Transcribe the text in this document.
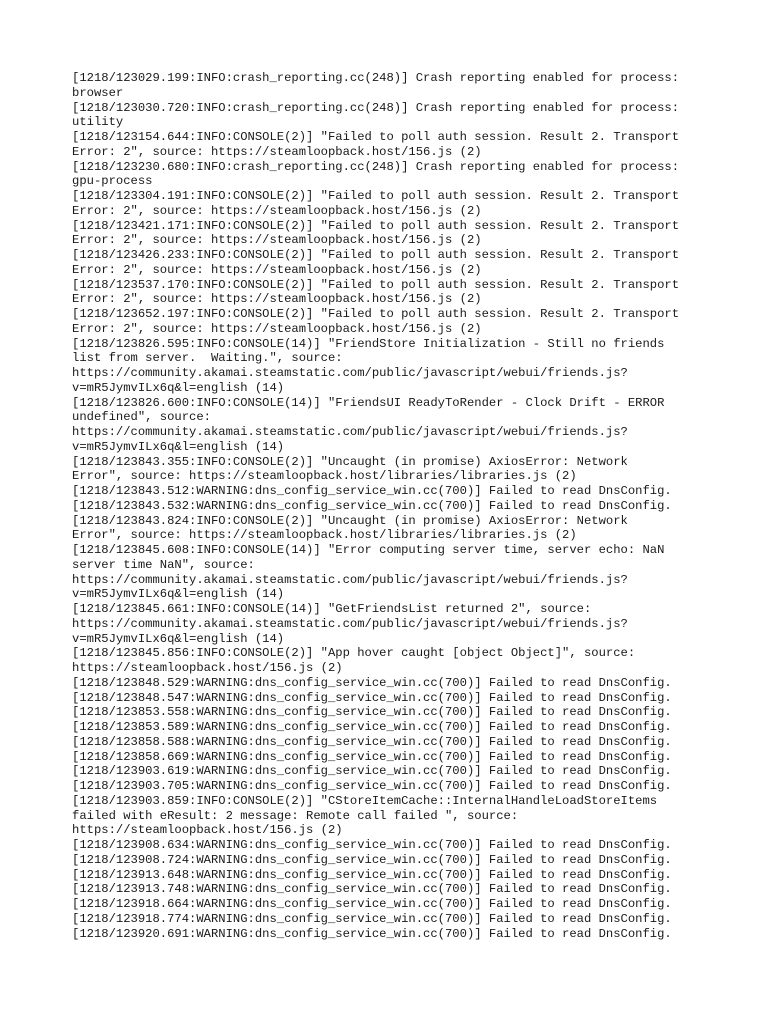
[1218/123029.199:INFO:crash_reporting.cc(248)] Crash reporting enabled for process:
browser
[1218/123030.720:INFO:crash_reporting.cc(248)] Crash reporting enabled for process:
utility
[1218/123154.644:INFO:CONSOLE(2)] "Failed to poll auth session. Result 2. Transport
Error: 2", source: https://steamloopback.host/156.js (2)
[1218/123230.680:INFO:crash_reporting.cc(248)] Crash reporting enabled for process:
gpu-process
[1218/123304.191:INFO:CONSOLE(2)] "Failed to poll auth session. Result 2. Transport
Error: 2", source: https://steamloopback.host/156.js (2)
[1218/123421.171:INFO:CONSOLE(2)] "Failed to poll auth session. Result 2. Transport
Error: 2", source: https://steamloopback.host/156.js (2)
[1218/123426.233:INFO:CONSOLE(2)] "Failed to poll auth session. Result 2. Transport
Error: 2", source: https://steamloopback.host/156.js (2)
[1218/123537.170:INFO:CONSOLE(2)] "Failed to poll auth session. Result 2. Transport
Error: 2", source: https://steamloopback.host/156.js (2)
[1218/123652.197:INFO:CONSOLE(2)] "Failed to poll auth session. Result 2. Transport
Error: 2", source: https://steamloopback.host/156.js (2)
[1218/123826.595:INFO:CONSOLE(14)] "FriendStore Initialization - Still no friends
list from server.  Waiting.", source:
https://community.akamai.steamstatic.com/public/javascript/webui/friends.js?
v=mR5JymvILx6q&l=english (14)
[1218/123826.600:INFO:CONSOLE(14)] "FriendsUI ReadyToRender - Clock Drift - ERROR
undefined", source:
https://community.akamai.steamstatic.com/public/javascript/webui/friends.js?
v=mR5JymvILx6q&l=english (14)
[1218/123843.355:INFO:CONSOLE(2)] "Uncaught (in promise) AxiosError: Network
Error", source: https://steamloopback.host/libraries/libraries.js (2)
[1218/123843.512:WARNING:dns_config_service_win.cc(700)] Failed to read DnsConfig.
[1218/123843.532:WARNING:dns_config_service_win.cc(700)] Failed to read DnsConfig.
[1218/123843.824:INFO:CONSOLE(2)] "Uncaught (in promise) AxiosError: Network
Error", source: https://steamloopback.host/libraries/libraries.js (2)
[1218/123845.608:INFO:CONSOLE(14)] "Error computing server time, server echo: NaN
server time NaN", source:
https://community.akamai.steamstatic.com/public/javascript/webui/friends.js?
v=mR5JymvILx6q&l=english (14)
[1218/123845.661:INFO:CONSOLE(14)] "GetFriendsList returned 2", source:
https://community.akamai.steamstatic.com/public/javascript/webui/friends.js?
v=mR5JymvILx6q&l=english (14)
[1218/123845.856:INFO:CONSOLE(2)] "App hover caught [object Object]", source:
https://steamloopback.host/156.js (2)
[1218/123848.529:WARNING:dns_config_service_win.cc(700)] Failed to read DnsConfig.
[1218/123848.547:WARNING:dns_config_service_win.cc(700)] Failed to read DnsConfig.
[1218/123853.558:WARNING:dns_config_service_win.cc(700)] Failed to read DnsConfig.
[1218/123853.589:WARNING:dns_config_service_win.cc(700)] Failed to read DnsConfig.
[1218/123858.588:WARNING:dns_config_service_win.cc(700)] Failed to read DnsConfig.
[1218/123858.669:WARNING:dns_config_service_win.cc(700)] Failed to read DnsConfig.
[1218/123903.619:WARNING:dns_config_service_win.cc(700)] Failed to read DnsConfig.
[1218/123903.705:WARNING:dns_config_service_win.cc(700)] Failed to read DnsConfig.
[1218/123903.859:INFO:CONSOLE(2)] "CStoreItemCache::InternalHandleLoadStoreItems
failed with eResult: 2 message: Remote call failed ", source:
https://steamloopback.host/156.js (2)
[1218/123908.634:WARNING:dns_config_service_win.cc(700)] Failed to read DnsConfig.
[1218/123908.724:WARNING:dns_config_service_win.cc(700)] Failed to read DnsConfig.
[1218/123913.648:WARNING:dns_config_service_win.cc(700)] Failed to read DnsConfig.
[1218/123913.748:WARNING:dns_config_service_win.cc(700)] Failed to read DnsConfig.
[1218/123918.664:WARNING:dns_config_service_win.cc(700)] Failed to read DnsConfig.
[1218/123918.774:WARNING:dns_config_service_win.cc(700)] Failed to read DnsConfig.
[1218/123920.691:WARNING:dns_config_service_win.cc(700)] Failed to read DnsConfig.
